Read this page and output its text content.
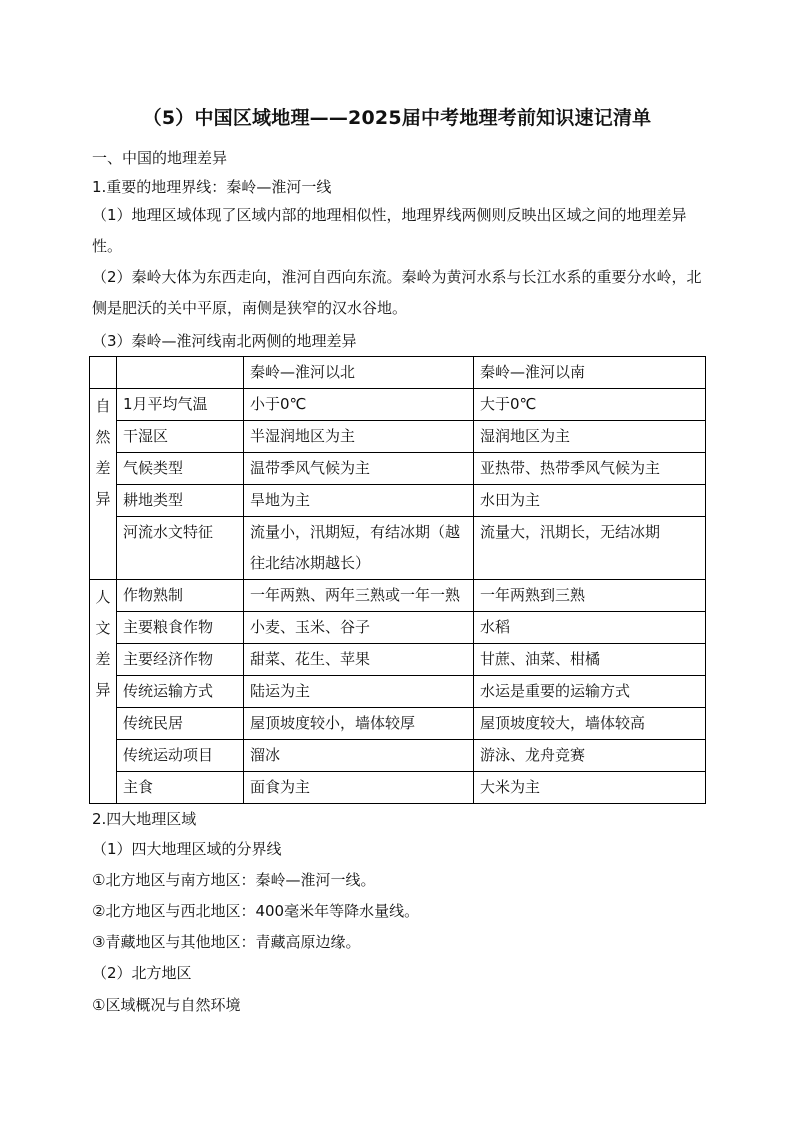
（5）中国区域地理——2025届中考地理考前知识速记清单
一、中国的地理差异
1.重要的地理界线：秦岭—淮河一线
（1）地理区域体现了区域内部的地理相似性，地理界线两侧则反映出区域之间的地理差异性。
（2）秦岭大体为东西走向，淮河自西向东流。秦岭为黄河水系与长江水系的重要分水岭，北侧是肥沃的关中平原，南侧是狭窄的汉水谷地。
（3）秦岭—淮河线南北两侧的地理差异
		秦岭—淮河以北	秦岭—淮河以南

自
然
差
异	1月平均气温	小于0℃	大于0℃
	干湿区	半湿润地区为主	湿润地区为主
	气候类型	温带季风气候为主	亚热带、热带季风气候为主
	耕地类型	旱地为主	水田为主
	河流水文特征	流量小，汛期短，有结冰期（越往北结冰期越长）	流量大，汛期长，无结冰期

人
文
差
异	作物熟制	一年两熟、两年三熟或一年一熟	一年两熟到三熟
	主要粮食作物	小麦、玉米、谷子	水稻
	主要经济作物	甜菜、花生、苹果	甘蔗、油菜、柑橘
	传统运输方式	陆运为主	水运是重要的运输方式
	传统民居	屋顶坡度较小，墙体较厚	屋顶坡度较大，墙体较高
	传统运动项目	溜冰	游泳、龙舟竞赛
	主食	面食为主	大米为主
2.四大地理区域
（1）四大地理区域的分界线
①北方地区与南方地区：秦岭—淮河一线。
②北方地区与西北地区：400毫米年等降水量线。
③青藏地区与其他地区：青藏高原边缘。
（2）北方地区
①区域概况与自然环境
